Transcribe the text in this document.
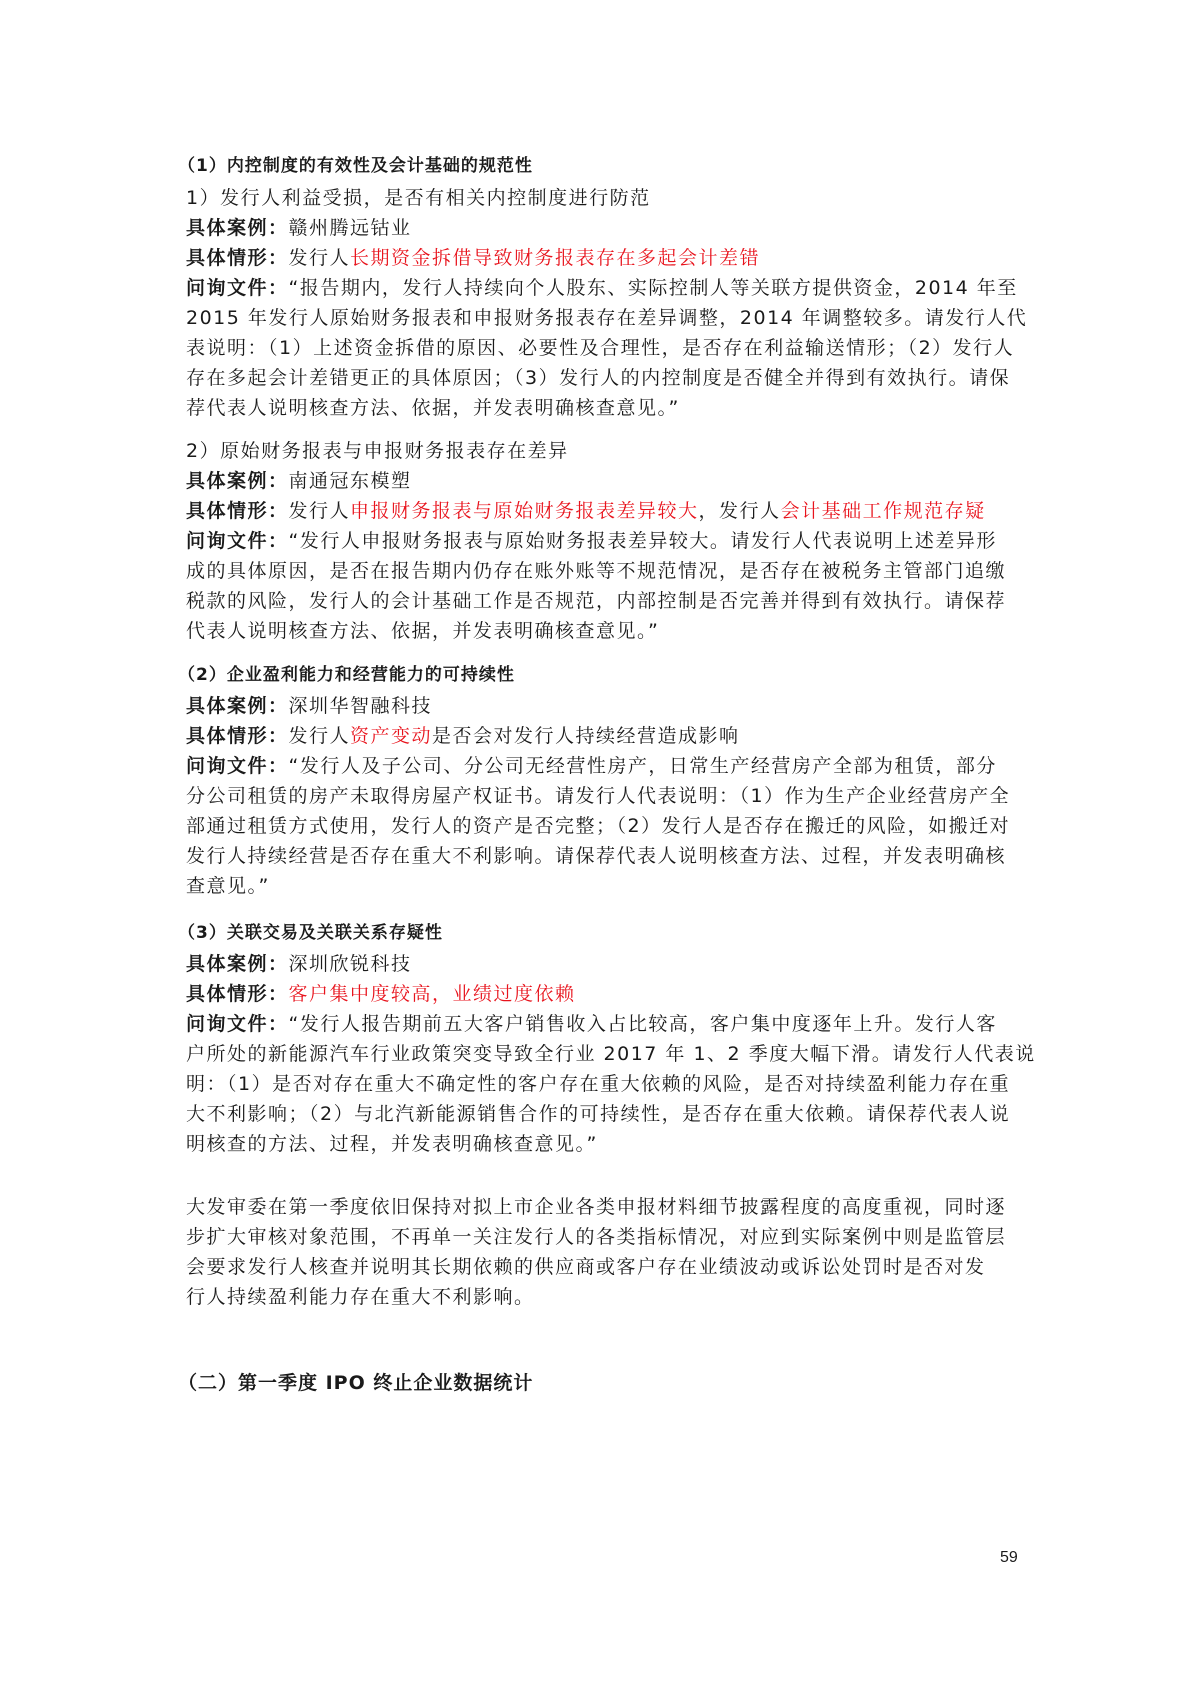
（1）内控制度的有效性及会计基础的规范性
1）发行人利益受损，是否有相关内控制度进行防范
具体案例：赣州腾远钴业
具体情形：发行人长期资金拆借导致财务报表存在多起会计差错
问询文件：“报告期内，发行人持续向个人股东、实际控制人等关联方提供资金，2014 年至
2015 年发行人原始财务报表和申报财务报表存在差异调整，2014 年调整较多。请发行人代
表说明：（1）上述资金拆借的原因、必要性及合理性，是否存在利益输送情形；（2）发行人
存在多起会计差错更正的具体原因；（3）发行人的内控制度是否健全并得到有效执行。请保
荐代表人说明核查方法、依据，并发表明确核查意见。”
2）原始财务报表与申报财务报表存在差异
具体案例：南通冠东模塑
具体情形：发行人申报财务报表与原始财务报表差异较大，发行人会计基础工作规范存疑
问询文件：“发行人申报财务报表与原始财务报表差异较大。请发行人代表说明上述差异形
成的具体原因，是否在报告期内仍存在账外账等不规范情况，是否存在被税务主管部门追缴
税款的风险，发行人的会计基础工作是否规范，内部控制是否完善并得到有效执行。请保荐
代表人说明核查方法、依据，并发表明确核查意见。”
（2）企业盈利能力和经营能力的可持续性
具体案例：深圳华智融科技
具体情形：发行人资产变动是否会对发行人持续经营造成影响
问询文件：“发行人及子公司、分公司无经营性房产，日常生产经营房产全部为租赁，部分
分公司租赁的房产未取得房屋产权证书。请发行人代表说明：（1）作为生产企业经营房产全
部通过租赁方式使用，发行人的资产是否完整；（2）发行人是否存在搬迁的风险，如搬迁对
发行人持续经营是否存在重大不利影响。请保荐代表人说明核查方法、过程，并发表明确核
查意见。”
（3）关联交易及关联关系存疑性
具体案例：深圳欣锐科技
具体情形：客户集中度较高，业绩过度依赖
问询文件：“发行人报告期前五大客户销售收入占比较高，客户集中度逐年上升。发行人客
户所处的新能源汽车行业政策突变导致全行业 2017 年 1、2 季度大幅下滑。请发行人代表说
明：（1）是否对存在重大不确定性的客户存在重大依赖的风险，是否对持续盈利能力存在重
大不利影响；（2）与北汽新能源销售合作的可持续性，是否存在重大依赖。请保荐代表人说
明核查的方法、过程，并发表明确核查意见。”
大发审委在第一季度依旧保持对拟上市企业各类申报材料细节披露程度的高度重视，同时逐
步扩大审核对象范围，不再单一关注发行人的各类指标情况，对应到实际案例中则是监管层
会要求发行人核查并说明其长期依赖的供应商或客户存在业绩波动或诉讼处罚时是否对发
行人持续盈利能力存在重大不利影响。
（二）第一季度 IPO 终止企业数据统计
59
